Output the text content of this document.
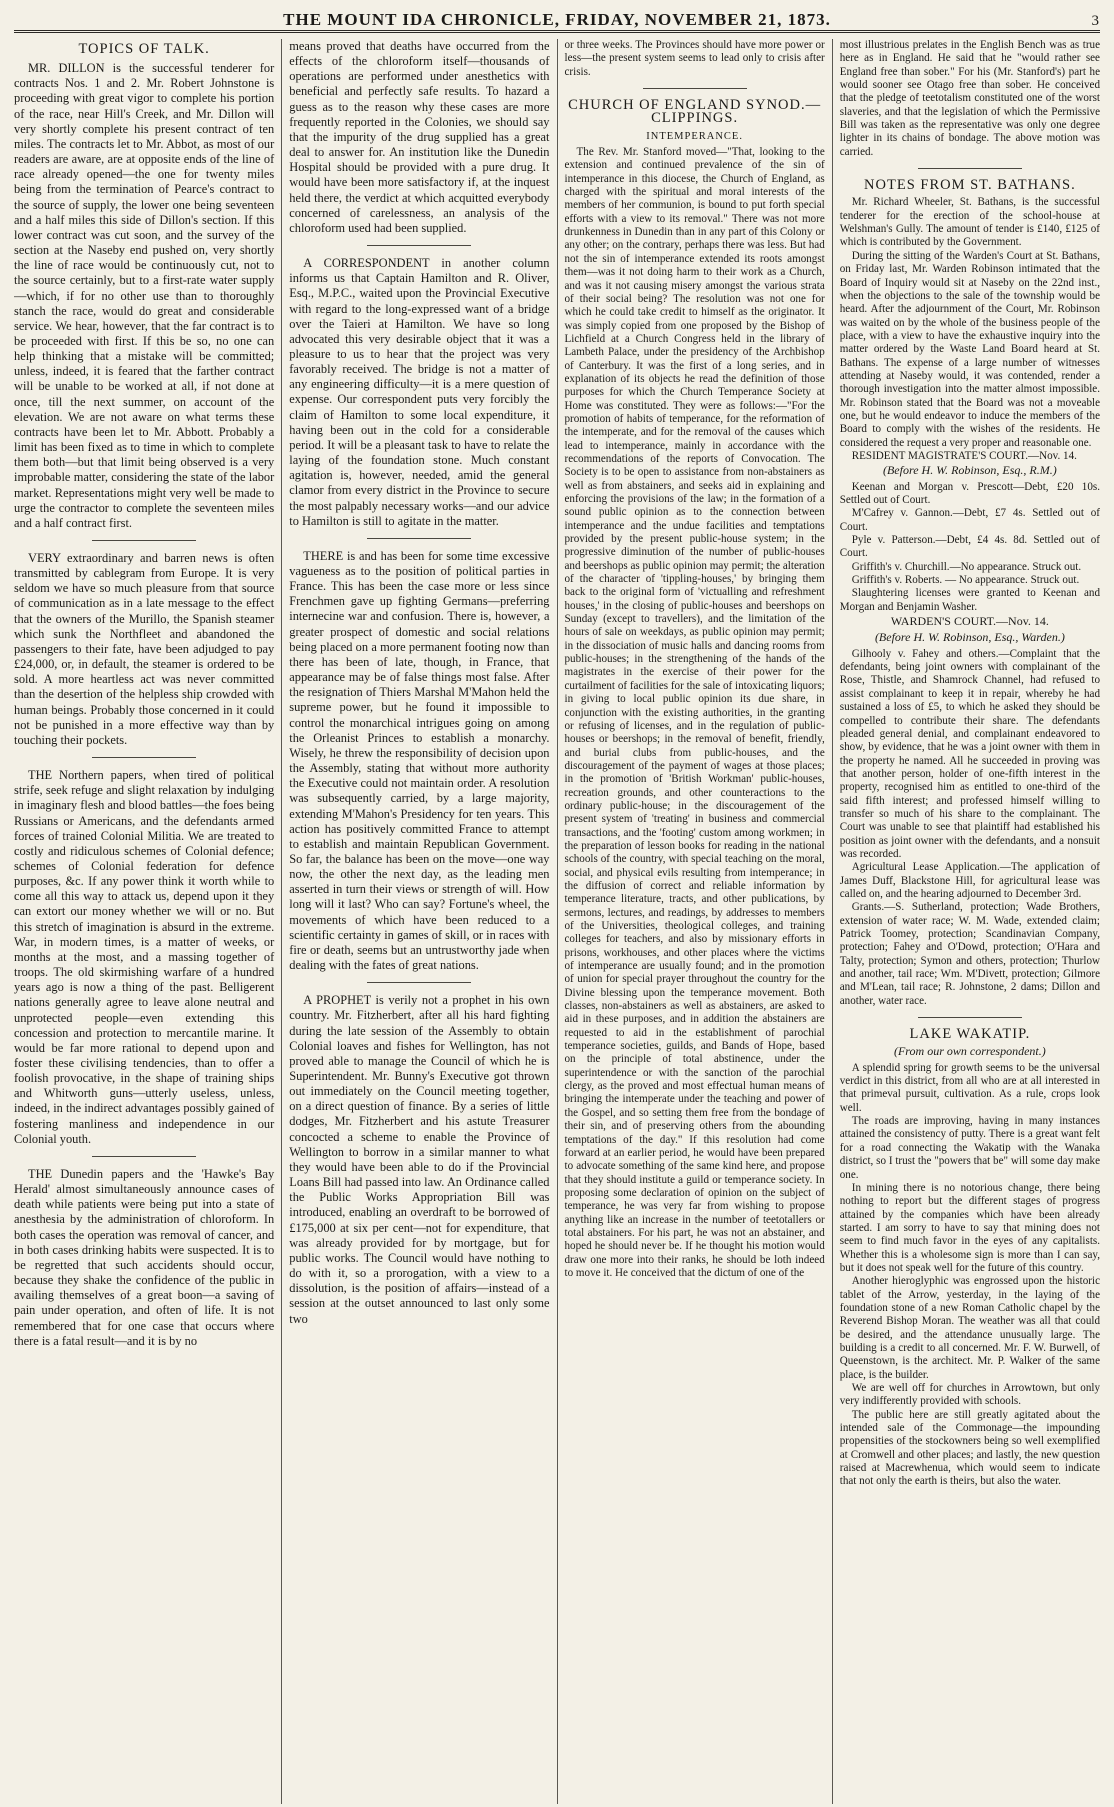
THE MOUNT IDA CHRONICLE, FRIDAY, NOVEMBER 21, 1873.	3
TOPICS OF TALK.

MR. DILLON is the successful tenderer for contracts Nos. 1 and 2. Mr. Robert Johnstone is proceeding with great vigor to complete his portion of the race, near Hill's Creek, and Mr. Dillon will very shortly complete his present contract of ten miles. The contracts let to Mr. Abbot, as most of our readers are aware, are at opposite ends of the line of race already opened—the one for twenty miles being from the termination of Pearce's contract to the source of supply, the lower one being seventeen and a half miles this side of Dillon's section. If this lower contract was cut soon, and the survey of the section at the Naseby end pushed on, very shortly the line of race would be continuously cut, not to the source certainly, but to a first-rate water supply —which, if for no other use than to thoroughly stanch the race, would do great and considerable service. We hear, however, that the far contract is to be proceeded with first. If this be so, no one can help thinking that a mistake will be committed; unless, indeed, it is feared that the farther contract will be unable to be worked at all, if not done at once, till the next summer, on account of the elevation. We are not aware on what terms these contracts have been let to Mr. Abbott. Probably a limit has been fixed as to time in which to complete them both—but that limit being observed is a very improbable matter, considering the state of the labor market. Representations might very well be made to urge the contractor to complete the seventeen miles and a half contract first.

VERY extraordinary and barren news is often transmitted by cablegram from Europe. It is very seldom we have so much pleasure from that source of communication as in a late message to the effect that the owners of the Murillo, the Spanish steamer which sunk the Northfleet and abandoned the passengers to their fate, have been adjudged to pay £24,000, or, in default, the steamer is ordered to be sold. A more heartless act was never committed than the desertion of the helpless ship crowded with human beings. Probably those concerned in it could not be punished in a more effective way than by touching their pockets.

THE Northern papers, when tired of political strife, seek refuge and slight relaxation by indulging in imaginary flesh and blood battles—the foes being Russians or Americans, and the defendants armed forces of trained Colonial Militia. We are treated to costly and ridiculous schemes of Colonial defence; schemes of Colonial federation for defence purposes, &c. If any power think it worth while to come all this way to attack us, depend upon it they can extort our money whether we will or no. But this stretch of imagination is absurd in the extreme. War, in modern times, is a matter of weeks, or months at the most, and a massing together of troops. The old skirmishing warfare of a hundred years ago is now a thing of the past. Belligerent nations generally agree to leave alone neutral and unprotected people—even extending this concession and protection to mercantile marine. It would be far more rational to depend upon and foster these civilising tendencies, than to offer a foolish provocative, in the shape of training ships and Whitworth guns—utterly useless, unless, indeed, in the indirect advantages possibly gained of fostering manliness and independence in our Colonial youth.

THE Dunedin papers and the 'Hawke's Bay Herald' almost simultaneously announce cases of death while patients were being put into a state of anesthesia by the administration of chloroform. In both cases the operation was removal of cancer, and in both cases drinking habits were suspected. It is to be regretted that such accidents should occur, because they shake the confidence of the public in availing themselves of a great boon—a saving of pain under operation, and often of life. It is not remembered that for one case that occurs where there is a fatal result—and it is by no

means proved that deaths have occurred from the effects of the chloroform itself—thousands of operations are performed under anesthetics with beneficial and perfectly safe results. To hazard a guess as to the reason why these cases are more frequently reported in the Colonies, we should say that the impurity of the drug supplied has a great deal to answer for. An institution like the Dunedin Hospital should be provided with a pure drug. It would have been more satisfactory if, at the inquest held there, the verdict at which acquitted everybody concerned of carelessness, an analysis of the chloroform used had been supplied.

A CORRESPONDENT in another column informs us that Captain Hamilton and R. Oliver, Esq., M.P.C., waited upon the Provincial Executive with regard to the long-expressed want of a bridge over the Taieri at Hamilton. We have so long advocated this very desirable object that it was a pleasure to us to hear that the project was very favorably received. The bridge is not a matter of any engineering difficulty—it is a mere question of expense. Our correspondent puts very forcibly the claim of Hamilton to some local expenditure, it having been out in the cold for a considerable period. It will be a pleasant task to have to relate the laying of the foundation stone. Much constant agitation is, however, needed, amid the general clamor from every district in the Province to secure the most palpably necessary works—and our advice to Hamilton is still to agitate in the matter.

THERE is and has been for some time excessive vagueness as to the position of political parties in France. This has been the case more or less since Frenchmen gave up fighting Germans—preferring internecine war and confusion. There is, however, a greater prospect of domestic and social relations being placed on a more permanent footing now than there has been of late, though, in France, that appearance may be of false things most false. After the resignation of Thiers Marshal M'Mahon held the supreme power, but he found it impossible to control the monarchical intrigues going on among the Orleanist Princes to establish a monarchy. Wisely, he threw the responsibility of decision upon the Assembly, stating that without more authority the Executive could not maintain order. A resolution was subsequently carried, by a large majority, extending M'Mahon's Presidency for ten years. This action has positively committed France to attempt to establish and maintain Republican Government. So far, the balance has been on the move—one way now, the other the next day, as the leading men asserted in turn their views or strength of will. How long will it last? Who can say? Fortune's wheel, the movements of which have been reduced to a scientific certainty in games of skill, or in races with fire or death, seems but an untrustworthy jade when dealing with the fates of great nations.

A PROPHET is verily not a prophet in his own country. Mr. Fitzherbert, after all his hard fighting during the late session of the Assembly to obtain Colonial loaves and fishes for Wellington, has not proved able to manage the Council of which he is Superintendent. Mr. Bunny's Executive got thrown out immediately on the Council meeting together, on a direct question of finance. By a series of little dodges, Mr. Fitzherbert and his astute Treasurer concocted a scheme to enable the Province of Wellington to borrow in a similar manner to what they would have been able to do if the Provincial Loans Bill had passed into law. An Ordinance called the Public Works Appropriation Bill was introduced, enabling an overdraft to be borrowed of £175,000 at six per cent—not for expenditure, that was already provided for by mortgage, but for public works. The Council would have nothing to do with it, so a prorogation, with a view to a dissolution, is the position of affairs—instead of a session at the outset announced to last only some two

or three weeks. The Provinces should have more power or less—the present system seems to lead only to crisis after crisis.

CHURCH OF ENGLAND SYNOD.—CLIPPINGS.
INTEMPERANCE.

The Rev. Mr. Stanford moved—"That, looking to the extension and continued prevalence of the sin of intemperance in this diocese, the Church of England, as charged with the spiritual and moral interests of the members of her communion, is bound to put forth special efforts with a view to its removal." There was not more drunkenness in Dunedin than in any part of this Colony or any other; on the contrary, perhaps there was less. But had not the sin of intemperance extended its roots amongst them—was it not doing harm to their work as a Church, and was it not causing misery amongst the various strata of their social being? The resolution was not one for which he could take credit to himself as the originator. It was simply copied from one proposed by the Bishop of Lichfield at a Church Congress held in the library of Lambeth Palace, under the presidency of the Archbishop of Canterbury. It was the first of a long series, and in explanation of its objects he read the definition of those purposes for which the Church Temperance Society at Home was constituted. They were as follows:—"For the promotion of habits of temperance, for the reformation of the intemperate, and for the removal of the causes which lead to intemperance, mainly in accordance with the recommendations of the reports of Convocation. The Society is to be open to assistance from non-abstainers as well as from abstainers, and seeks aid in explaining and enforcing the provisions of the law; in the formation of a sound public opinion as to the connection between intemperance and the undue facilities and temptations provided by the present public-house system; in the progressive diminution of the number of public-houses and beershops as public opinion may permit; the alteration of the character of 'tippling-houses,' by bringing them back to the original form of 'victualling and refreshment houses,' in the closing of public-houses and beershops on Sunday (except to travellers), and the limitation of the hours of sale on weekdays, as public opinion may permit; in the dissociation of music halls and dancing rooms from public-houses; in the strengthening of the hands of the magistrates in the exercise of their power for the curtailment of facilities for the sale of intoxicating liquors; in giving to local public opinion its due share, in conjunction with the existing authorities, in the granting or refusing of licenses, and in the regulation of public-houses or beershops; in the removal of benefit, friendly, and burial clubs from public-houses, and the discouragement of the payment of wages at those places; in the promotion of 'British Workman' public-houses, recreation grounds, and other counteractions to the ordinary public-house; in the discouragement of the present system of 'treating' in business and commercial transactions, and the 'footing' custom among workmen; in the preparation of lesson books for reading in the national schools of the country, with special teaching on the moral, social, and physical evils resulting from intemperance; in the diffusion of correct and reliable information by temperance literature, tracts, and other publications, by sermons, lectures, and readings, by addresses to members of the Universities, theological colleges, and training colleges for teachers, and also by missionary efforts in prisons, workhouses, and other places where the victims of intemperance are usually found; and in the promotion of union for special prayer throughout the country for the Divine blessing upon the temperance movement. Both classes, non-abstainers as well as abstainers, are asked to aid in these purposes, and in addition the abstainers are requested to aid in the establishment of parochial temperance societies, guilds, and Bands of Hope, based on the principle of total abstinence, under the superintendence or with the sanction of the parochial clergy, as the proved and most effectual human means of bringing the intemperate under the teaching and power of the Gospel, and so setting them free from the bondage of their sin, and of preserving others from the abounding temptations of the day." If this resolution had come forward at an earlier period, he would have been prepared to advocate something of the same kind here, and propose that they should institute a guild or temperance society. In proposing some declaration of opinion on the subject of temperance, he was very far from wishing to propose anything like an increase in the number of teetotallers or total abstainers. For his part, he was not an abstainer, and hoped he should never be. If he thought his motion would draw one more into their ranks, he should be loth indeed to move it. He conceived that the dictum of one of the

most illustrious prelates in the English Bench was as true here as in England. He said that he "would rather see England free than sober." For his (Mr. Stanford's) part he would sooner see Otago free than sober. He conceived that the pledge of teetotalism constituted one of the worst slaveries, and that the legislation of which the Permissive Bill was taken as the representative was only one degree lighter in its chains of bondage. The above motion was carried.

NOTES FROM ST. BATHANS.

Mr. Richard Wheeler, St. Bathans, is the successful tenderer for the erection of the school-house at Welshman's Gully. The amount of tender is £140, £125 of which is contributed by the Government.

During the sitting of the Warden's Court at St. Bathans, on Friday last, Mr. Warden Robinson intimated that the Board of Inquiry would sit at Naseby on the 22nd inst., when the objections to the sale of the township would be heard. After the adjournment of the Court, Mr. Robinson was waited on by the whole of the business people of the place, with a view to have the exhaustive inquiry into the matter ordered by the Waste Land Board heard at St. Bathans. The expense of a large number of witnesses attending at Naseby would, it was contended, render a thorough investigation into the matter almost impossible. Mr. Robinson stated that the Board was not a moveable one, but he would endeavor to induce the members of the Board to comply with the wishes of the residents. He considered the request a very proper and reasonable one.

RESIDENT MAGISTRATE'S COURT.—Nov. 14.

(Before H. W. Robinson, Esq., R.M.)

Keenan and Morgan v. Prescott—Debt, £20 10s. Settled out of Court.

M'Cafrey v. Gannon.—Debt, £7 4s. Settled out of Court.

Pyle v. Patterson.—Debt, £4 4s. 8d. Settled out of Court.

Griffith's v. Churchill.—No appearance. Struck out.

Griffith's v. Roberts. — No appearance. Struck out.

Slaughtering licenses were granted to Keenan and Morgan and Benjamin Washer.

WARDEN'S COURT.—Nov. 14.
(Before H. W. Robinson, Esq., Warden.)

Gilhooly v. Fahey and others.—Complaint that the defendants, being joint owners with complainant of the Rose, Thistle, and Shamrock Channel, had refused to assist complainant to keep it in repair, whereby he had sustained a loss of £5, to which he asked they should be compelled to contribute their share. The defendants pleaded general denial, and complainant endeavored to show, by evidence, that he was a joint owner with them in the property he named. All he succeeded in proving was that another person, holder of one-fifth interest in the property, recognised him as entitled to one-third of the said fifth interest; and professed himself willing to transfer so much of his share to the complainant. The Court was unable to see that plaintiff had established his position as joint owner with the defendants, and a nonsuit was recorded.

Agricultural Lease Application.—The application of James Duff, Blackstone Hill, for agricultural lease was called on, and the hearing adjourned to December 3rd.

Grants.—S. Sutherland, protection; Wade Brothers, extension of water race; W. M. Wade, extended claim; Patrick Toomey, protection; Scandinavian Company, protection; Fahey and O'Dowd, protection; O'Hara and Talty, protection; Symon and others, protection; Thurlow and another, tail race; Wm. M'Divett, protection; Gilmore and M'Lean, tail race; R. Johnstone, 2 dams; Dillon and another, water race.

LAKE WAKATIP.
(From our own correspondent.)

A splendid spring for growth seems to be the universal verdict in this district, from all who are at all interested in that primeval pursuit, cultivation. As a rule, crops look well.

The roads are improving, having in many instances attained the consistency of putty. There is a great want felt for a road connecting the Wakatip with the Wanaka district, so I trust the "powers that be" will some day make one.

In mining there is no notorious change, there being nothing to report but the different stages of progress attained by the companies which have been already started. I am sorry to have to say that mining does not seem to find much favor in the eyes of any capitalists. Whether this is a wholesome sign is more than I can say, but it does not speak well for the future of this country.

Another hieroglyphic was engrossed upon the historic tablet of the Arrow, yesterday, in the laying of the foundation stone of a new Roman Catholic chapel by the Reverend Bishop Moran. The weather was all that could be desired, and the attendance unusually large. The building is a credit to all concerned. Mr. F. W. Burwell, of Queenstown, is the architect. Mr. P. Walker of the same place, is the builder.

We are well off for churches in Arrowtown, but only very indifferently provided with schools.

The public here are still greatly agitated about the intended sale of the Commonage—the impounding propensities of the stockowners being so well exemplified at Cromwell and other places; and lastly, the new question raised at Macrewhenua, which would seem to indicate that not only the earth is theirs, but also the water.
